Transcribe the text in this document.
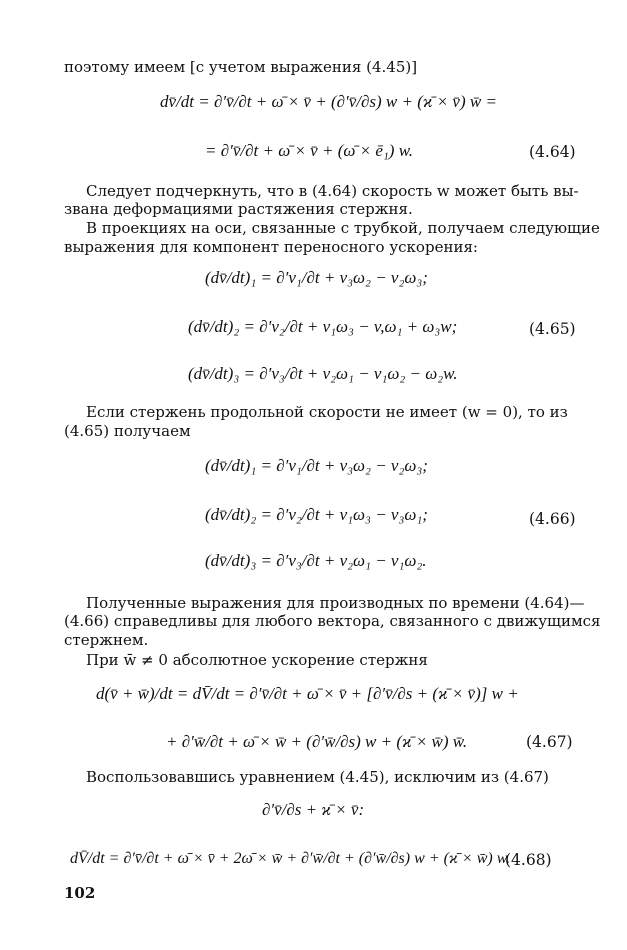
поэтому имеем [с учетом выражения (4.45)]
dv̄/dt = ∂′v̄/∂t + ω̄ × v̄ + (∂′v̄/∂s) w + (ϰ̄ × v̄) w̄ =
= ∂′v̄/∂t + ω̄ × v̄ + (ω̄ × ē₁) w.	(4.64)
Следует подчеркнуть, что в (4.64) скорость w может быть вы-
звана деформациями растяжения стержня.
В проекциях на оси, связанные с трубкой, получаем следующие
выражения для компонент переносного ускорения:
(dv̄/dt)₁ = ∂′v₁/∂t + v₃ω₂ − v₂ω₃;
(dv̄/dt)₂ = ∂′v₂/∂t + v₁ω₃ − v,ω₁ + ω₃w;	(4.65)
(dv̄/dt)₃ = ∂′v₃/∂t + v₂ω₁ − v₁ω₂ − ω₂w.
Если стержень продольной скорости не имеет (w = 0), то из
(4.65) получаем
(dv̄/dt)₁ = ∂′v₁/∂t + v₃ω₂ − v₂ω₃;
(dv̄/dt)₂ = ∂′v₂/∂t + v₁ω₃ − v₃ω₁;	(4.66)
(dv̄/dt)₃ = ∂′v₃/∂t + v₂ω₁ − v₁ω₂.
Полученные выражения для производных по времени (4.64)—
(4.66) справедливы для любого вектора, связанного с движущимся
стержнем.
При w̄ ≠ 0 абсолютное ускорение стержня
d(v̄ + w̄)/dt = dV̄/dt = ∂′v̄/∂t + ω̄ × v̄ + [∂′v̄/∂s + (ϰ̄ × v̄)] w +
+ ∂′w̄/∂t + ω̄ × w̄ + (∂′w̄/∂s) w + (ϰ̄ × w̄) w̄.	(4.67)
Воспользовавшись уравнением (4.45), исключим из (4.67)
∂′v̄/∂s + ϰ̄ × v̄:
dV̄/dt = ∂′v̄/∂t + ω̄ × v̄ + 2ω̄ × w̄ + ∂′w̄/∂t + (∂′w̄/∂s) w + (ϰ̄ × w̄) w.
(4.68)
102
